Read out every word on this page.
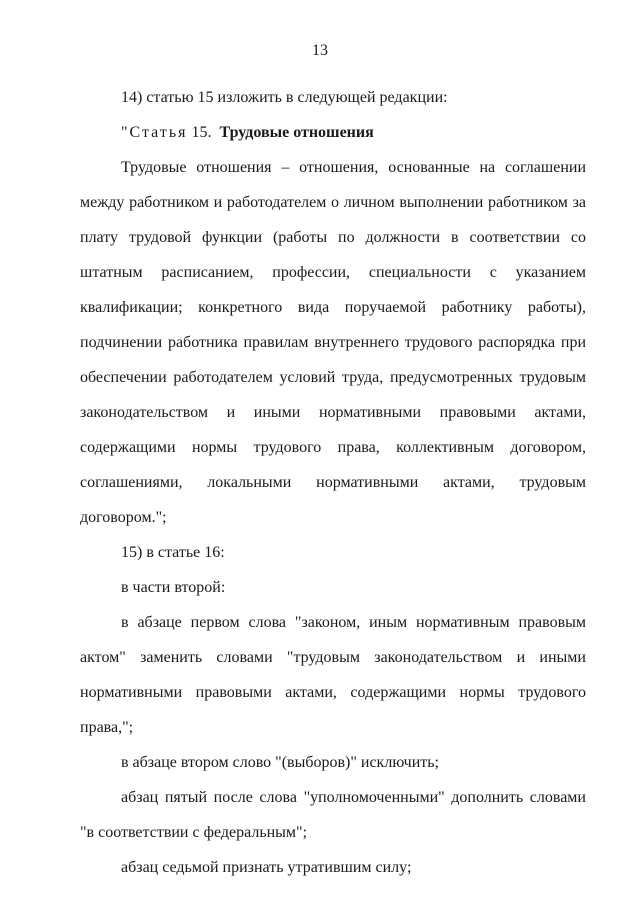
13

14) статью 15 изложить в следующей редакции:

"Статья 15. Трудовые отношения

Трудовые отношения – отношения, основанные на соглашении между работником и работодателем о личном выполнении работником за плату трудовой функции (работы по должности в соответствии со штатным расписанием, профессии, специальности с указанием квалификации; конкретного вида поручаемой работнику работы), подчинении работника правилам внутреннего трудового распорядка при обеспечении работодателем условий труда, предусмотренных трудовым законодательством и иными нормативными правовыми актами, содержащими нормы трудового права, коллективным договором, соглашениями, локальными нормативными актами, трудовым договором.";

15) в статье 16:

в части второй:

в абзаце первом слова "законом, иным нормативным правовым актом" заменить словами "трудовым законодательством и иными нормативными правовыми актами, содержащими нормы трудового права,";

в абзаце втором слово "(выборов)" исключить;

абзац пятый после слова "уполномоченными" дополнить словами "в соответствии с федеральным";

абзац седьмой признать утратившим силу;
